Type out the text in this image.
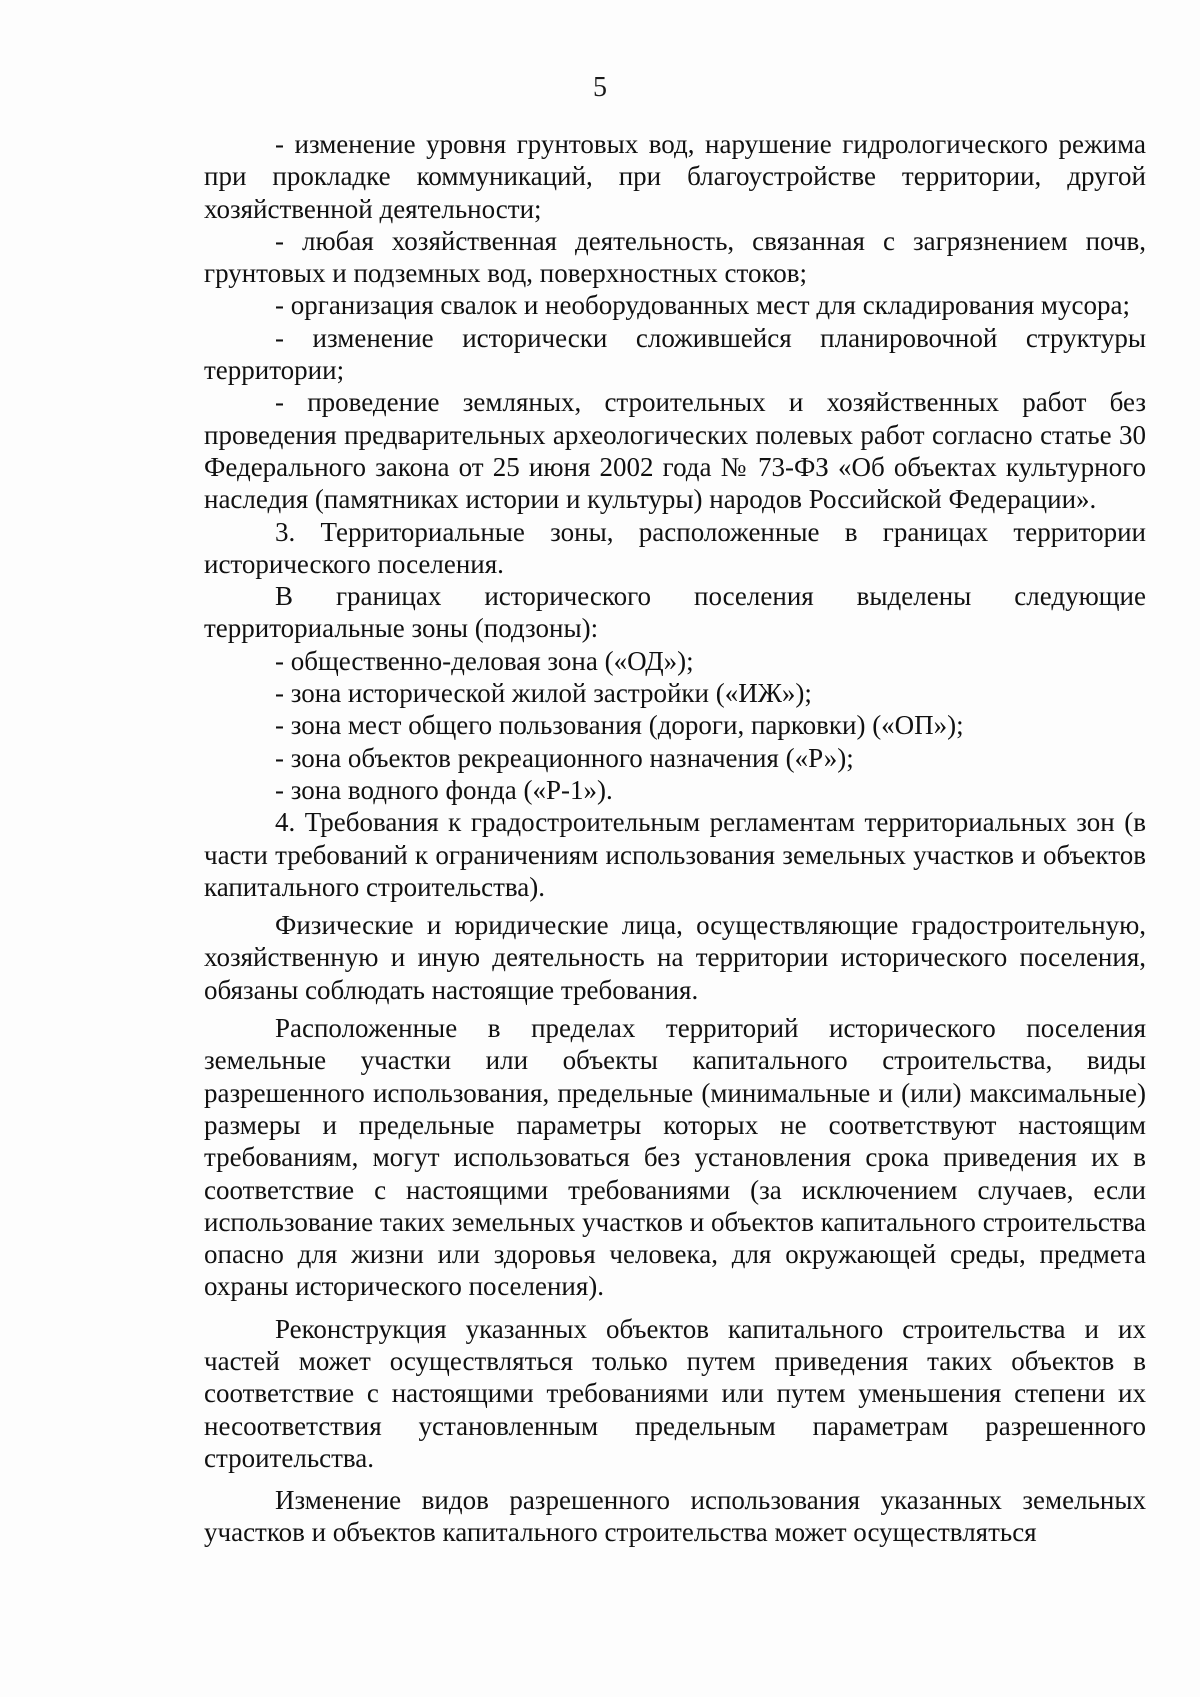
5

- изменение уровня грунтовых вод, нарушение гидрологического режима при прокладке коммуникаций, при благоустройстве территории, другой хозяйственной деятельности;

- любая хозяйственная деятельность, связанная с загрязнением почв, грунтовых и подземных вод, поверхностных стоков;

- организация свалок и необорудованных мест для складирования мусора;

- изменение исторически сложившейся планировочной структуры территории;

- проведение земляных, строительных и хозяйственных работ без проведения предварительных археологических полевых работ согласно статье 30 Федерального закона от 25 июня 2002 года № 73-ФЗ «Об объектах культурного наследия (памятниках истории и культуры) народов Российской Федерации».

3. Территориальные зоны, расположенные в границах территории исторического поселения.

В границах исторического поселения выделены следующие территориальные зоны (подзоны):

- общественно-деловая зона («ОД»);

- зона исторической жилой застройки («ИЖ»);

- зона мест общего пользования (дороги, парковки) («ОП»);

- зона объектов рекреационного назначения («Р»);

- зона водного фонда («Р-1»).

4. Требования к градостроительным регламентам территориальных зон (в части требований к ограничениям использования земельных участков и объектов капитального строительства).

Физические и юридические лица, осуществляющие градостроительную, хозяйственную и иную деятельность на территории исторического поселения, обязаны соблюдать настоящие требования.

Расположенные в пределах территорий исторического поселения земельные участки или объекты капитального строительства, виды разрешенного использования, предельные (минимальные и (или) максимальные) размеры и предельные параметры которых не соответствуют настоящим требованиям, могут использоваться без установления срока приведения их в соответствие с настоящими требованиями (за исключением случаев, если использование таких земельных участков и объектов капитального строительства опасно для жизни или здоровья человека, для окружающей среды, предмета охраны исторического поселения).

Реконструкция указанных объектов капитального строительства и их частей может осуществляться только путем приведения таких объектов в соответствие с настоящими требованиями или путем уменьшения степени их несоответствия установленным предельным параметрам разрешенного строительства.

Изменение видов разрешенного использования указанных земельных участков и объектов капитального строительства может осуществляться
